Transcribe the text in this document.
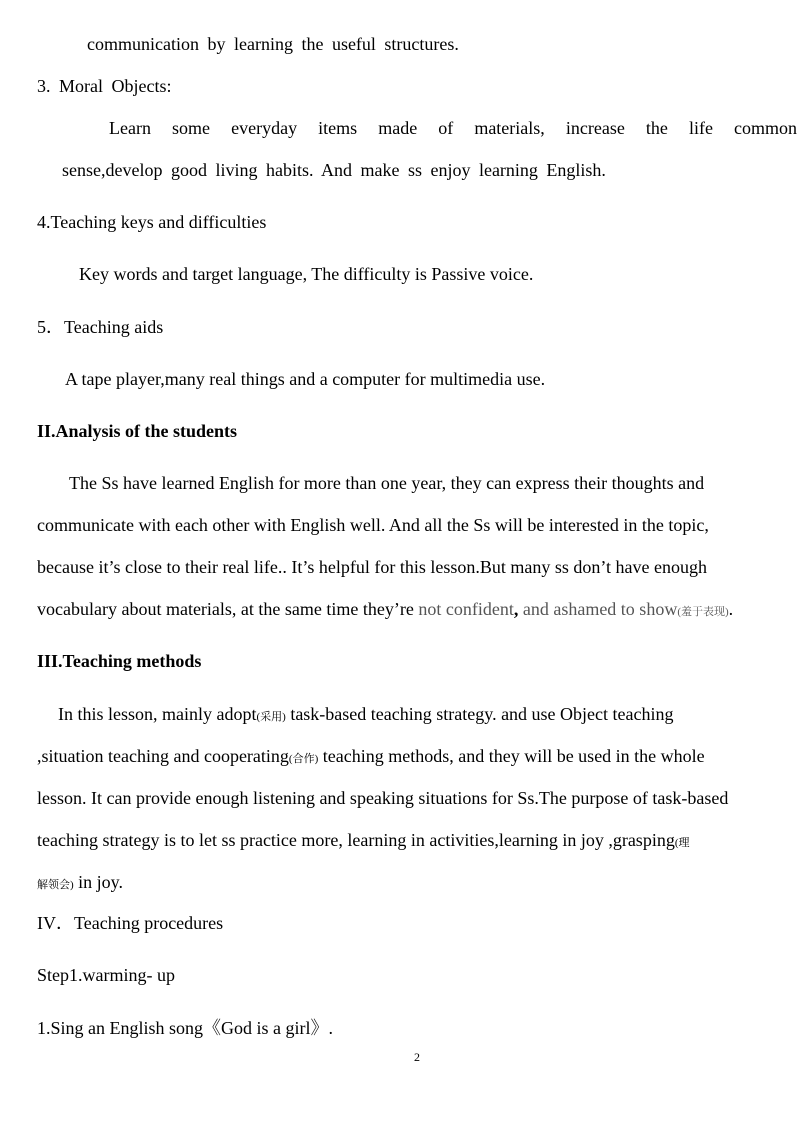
communication by learning the useful structures.
3. Moral Objects:
Learn some everyday items made of materials, increase the life common
sense,develop good living habits. And make ss enjoy learning English.
4.Teaching keys and difficulties
Key words and target language, The difficulty is Passive voice.
5．Teaching aids
A tape player,many real things and a computer for multimedia use.
II.Analysis of the students
The Ss have learned English for more than one year, they can express their thoughts and
communicate with each other with English well. And all the Ss will be interested in the topic,
because it’s close to their real life.. It’s helpful for this lesson.But many ss don’t have enough
vocabulary about materials, at the same time they’re not confident, and ashamed to show(羞于表现).
III.Teaching methods
In this lesson, mainly adopt(采用) task-based teaching strategy. and use Object teaching
,situation teaching and cooperating(合作) teaching methods, and they will be used in the whole
lesson. It can provide enough listening and speaking situations for Ss.The purpose of task-based
teaching strategy is to let ss practice more, learning in activities,learning in joy ,grasping(理
解领会) in joy.
IV．Teaching procedures
Step1.warming- up
1.Sing an English song《God is a girl》.
2
